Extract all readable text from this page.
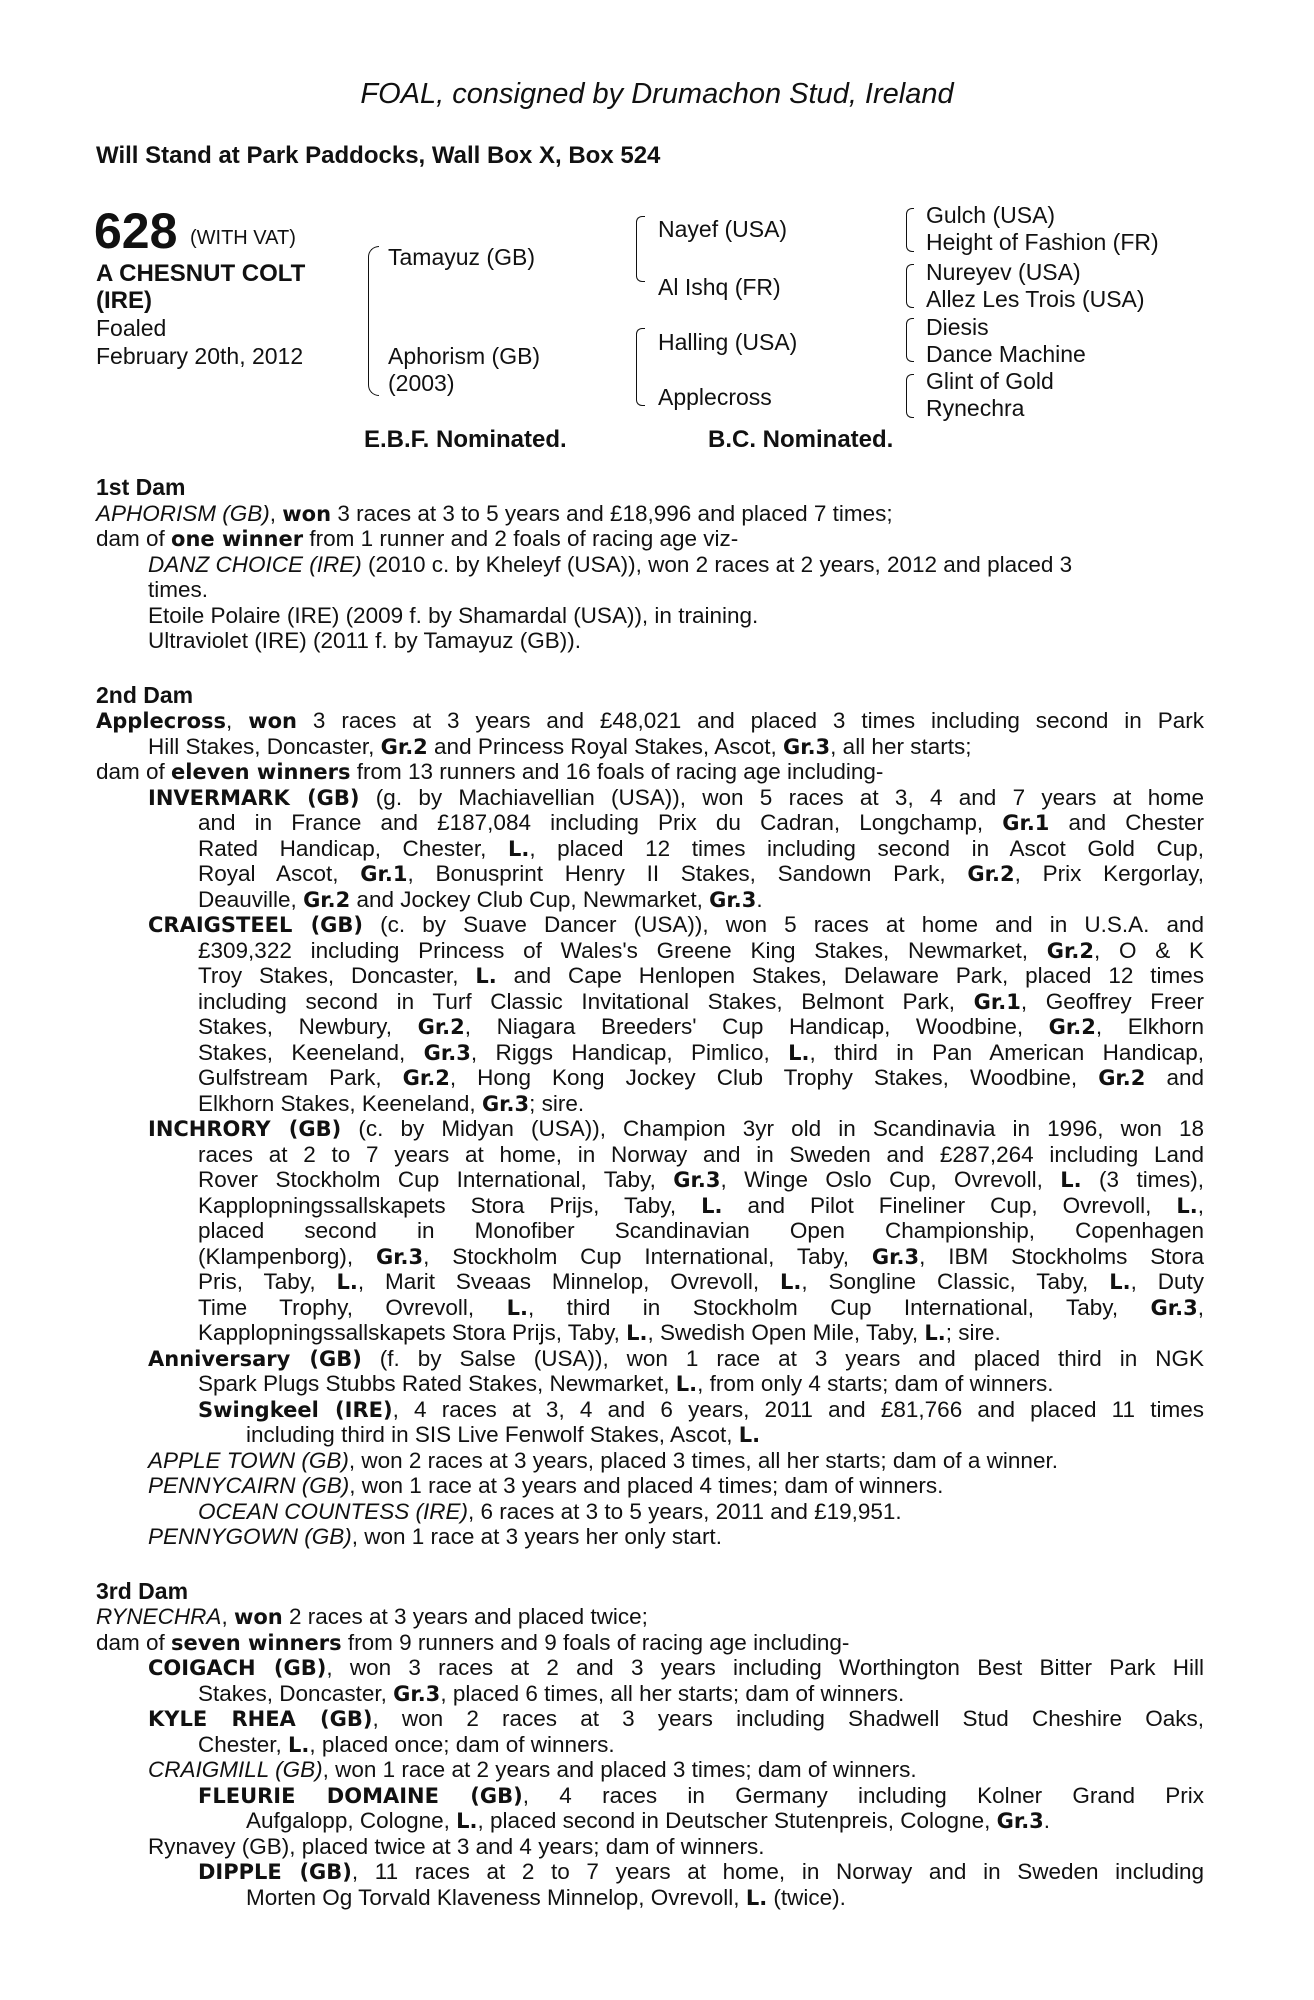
FOAL, consigned by Drumachon Stud, Ireland
Will Stand at Park Paddocks, Wall Box X, Box 524
628 (WITH VAT)
A CHESNUT COLT
(IRE)
Foaled
February 20th, 2012
Tamayuz (GB)
Aphorism (GB)
(2003)
Nayef (USA)
Al Ishq (FR)
Halling (USA)
Applecross
Gulch (USA)
Height of Fashion (FR)
Nureyev (USA)
Allez Les Trois (USA)
Diesis
Dance Machine
Glint of Gold
Rynechra
E.B.F. Nominated.	B.C. Nominated.
1st Dam
APHORISM (GB), won 3 races at 3 to 5 years and £18,996 and placed 7 times;
dam of one winner from 1 runner and 2 foals of racing age viz-
DANZ CHOICE (IRE) (2010 c. by Kheleyf (USA)), won 2 races at 2 years, 2012 and placed 3
times.
Etoile Polaire (IRE) (2009 f. by Shamardal (USA)), in training.
Ultraviolet (IRE) (2011 f. by Tamayuz (GB)).
2nd Dam
Applecross, won 3 races at 3 years and £48,021 and placed 3 times including second in Park
Hill Stakes, Doncaster, Gr.2 and Princess Royal Stakes, Ascot, Gr.3, all her starts;
dam of eleven winners from 13 runners and 16 foals of racing age including-
INVERMARK (GB) (g. by Machiavellian (USA)), won 5 races at 3, 4 and 7 years at home
and in France and £187,084 including Prix du Cadran, Longchamp, Gr.1 and Chester
Rated Handicap, Chester, L., placed 12 times including second in Ascot Gold Cup,
Royal Ascot, Gr.1, Bonusprint Henry II Stakes, Sandown Park, Gr.2, Prix Kergorlay,
Deauville, Gr.2 and Jockey Club Cup, Newmarket, Gr.3.
CRAIGSTEEL (GB) (c. by Suave Dancer (USA)), won 5 races at home and in U.S.A. and
£309,322 including Princess of Wales's Greene King Stakes, Newmarket, Gr.2, O & K
Troy Stakes, Doncaster, L. and Cape Henlopen Stakes, Delaware Park, placed 12 times
including second in Turf Classic Invitational Stakes, Belmont Park, Gr.1, Geoffrey Freer
Stakes, Newbury, Gr.2, Niagara Breeders' Cup Handicap, Woodbine, Gr.2, Elkhorn
Stakes, Keeneland, Gr.3, Riggs Handicap, Pimlico, L., third in Pan American Handicap,
Gulfstream Park, Gr.2, Hong Kong Jockey Club Trophy Stakes, Woodbine, Gr.2 and
Elkhorn Stakes, Keeneland, Gr.3; sire.
INCHRORY (GB) (c. by Midyan (USA)), Champion 3yr old in Scandinavia in 1996, won 18
races at 2 to 7 years at home, in Norway and in Sweden and £287,264 including Land
Rover Stockholm Cup International, Taby, Gr.3, Winge Oslo Cup, Ovrevoll, L. (3 times),
Kapplopningssallskapets Stora Prijs, Taby, L. and Pilot Fineliner Cup, Ovrevoll, L.,
placed second in Monofiber Scandinavian Open Championship, Copenhagen
(Klampenborg), Gr.3, Stockholm Cup International, Taby, Gr.3, IBM Stockholms Stora
Pris, Taby, L., Marit Sveaas Minnelop, Ovrevoll, L., Songline Classic, Taby, L., Duty
Time Trophy, Ovrevoll, L., third in Stockholm Cup International, Taby, Gr.3,
Kapplopningssallskapets Stora Prijs, Taby, L., Swedish Open Mile, Taby, L.; sire.
Anniversary (GB) (f. by Salse (USA)), won 1 race at 3 years and placed third in NGK
Spark Plugs Stubbs Rated Stakes, Newmarket, L., from only 4 starts; dam of winners.
Swingkeel (IRE), 4 races at 3, 4 and 6 years, 2011 and £81,766 and placed 11 times
including third in SIS Live Fenwolf Stakes, Ascot, L.
APPLE TOWN (GB), won 2 races at 3 years, placed 3 times, all her starts; dam of a winner.
PENNYCAIRN (GB), won 1 race at 3 years and placed 4 times; dam of winners.
OCEAN COUNTESS (IRE), 6 races at 3 to 5 years, 2011 and £19,951.
PENNYGOWN (GB), won 1 race at 3 years her only start.
3rd Dam
RYNECHRA, won 2 races at 3 years and placed twice;
dam of seven winners from 9 runners and 9 foals of racing age including-
COIGACH (GB), won 3 races at 2 and 3 years including Worthington Best Bitter Park Hill
Stakes, Doncaster, Gr.3, placed 6 times, all her starts; dam of winners.
KYLE RHEA (GB), won 2 races at 3 years including Shadwell Stud Cheshire Oaks,
Chester, L., placed once; dam of winners.
CRAIGMILL (GB), won 1 race at 2 years and placed 3 times; dam of winners.
FLEURIE DOMAINE (GB), 4 races in Germany including Kolner Grand Prix
Aufgalopp, Cologne, L., placed second in Deutscher Stutenpreis, Cologne, Gr.3.
Rynavey (GB), placed twice at 3 and 4 years; dam of winners.
DIPPLE (GB), 11 races at 2 to 7 years at home, in Norway and in Sweden including
Morten Og Torvald Klaveness Minnelop, Ovrevoll, L. (twice).
